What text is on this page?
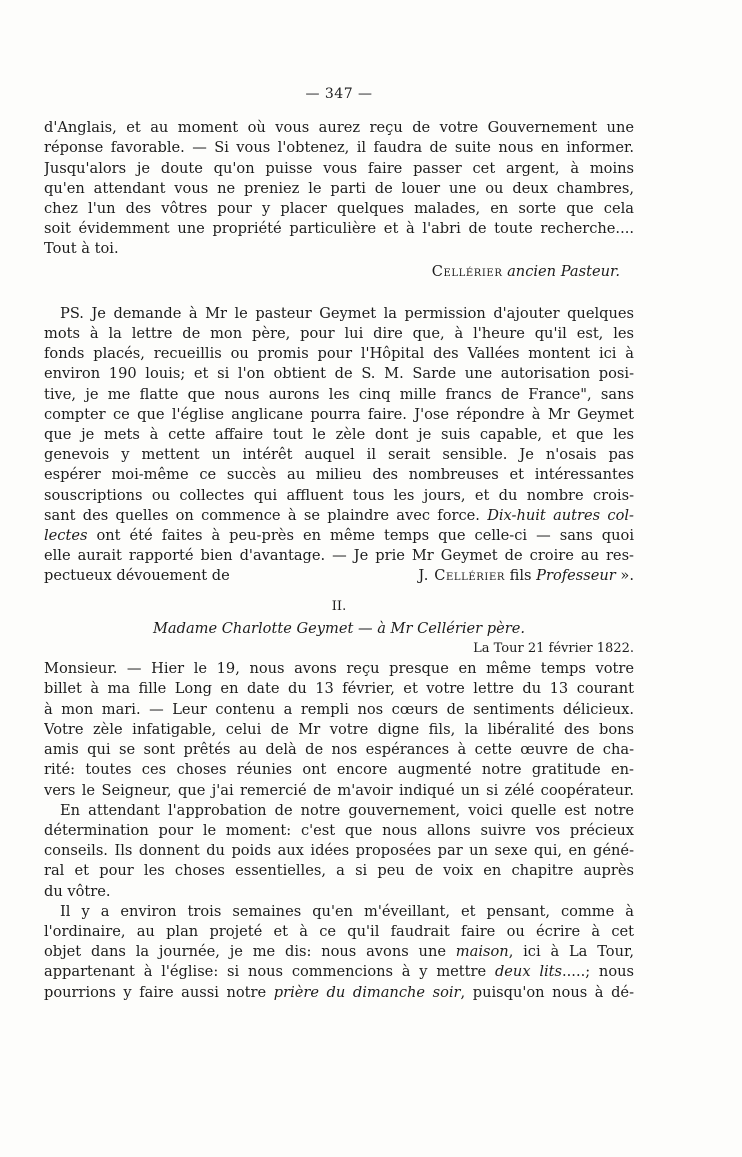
— 347 —

d'Anglais, et au moment où vous aurez reçu de votre Gouvernement une
réponse favorable. — Si vous l'obtenez, il faudra de suite nous en informer.
Jusqu'alors je doute qu'on puisse vous faire passer cet argent, à moins
qu'en attendant vous ne preniez le parti de louer une ou deux chambres,
chez l'un des vôtres pour y placer quelques malades, en sorte que cela
soit évidemment une propriété particulière et à l'abri de toute recherche....
Tout à toi.

Cellérier ancien Pasteur.

PS. Je demande à Mr le pasteur Geymet la permission d'ajouter quelques
mots à la lettre de mon père, pour lui dire que, à l'heure qu'il est, les
fonds placés, recueillis ou promis pour l'Hôpital des Vallées montent ici à
environ 190 louis; et si l'on obtient de S. M. Sarde une autorisation posi-
tive, je me flatte que nous aurons les cinq mille francs de France", sans
compter ce que l'église anglicane pourra faire. J'ose répondre à Mr Geymet
que je mets à cette affaire tout le zèle dont je suis capable, et que les
genevois y mettent un intérêt auquel il serait sensible. Je n'osais pas
espérer moi-même ce succès au milieu des nombreuses et intéressantes
souscriptions ou collectes qui affluent tous les jours, et du nombre crois-
sant des quelles on commence à se plaindre avec force. Dix-huit autres col-
lectes ont été faites à peu-près en même temps que celle-ci — sans quoi
elle aurait rapporté bien d'avantage. — Je prie Mr Geymet de croire au res-
pectueux dévouement de	J. Cellérier fils Professeur ».

II.

Madame Charlotte Geymet — à Mr Cellérier père.

La Tour 21 février 1822.

Monsieur. — Hier le 19, nous avons reçu presque en même temps votre
billet à ma fille Long en date du 13 février, et votre lettre du 13 courant
à mon mari. — Leur contenu a rempli nos cœurs de sentiments délicieux.
Votre zèle infatigable, celui de Mr votre digne fils, la libéralité des bons
amis qui se sont prêtés au delà de nos espérances à cette œuvre de cha-
rité: toutes ces choses réunies ont encore augmenté notre gratitude en-
vers le Seigneur, que j'ai remercié de m'avoir indiqué un si zélé coopérateur.
En attendant l'approbation de notre gouvernement, voici quelle est notre
détermination pour le moment: c'est que nous allons suivre vos précieux
conseils. Ils donnent du poids aux idées proposées par un sexe qui, en géné-
ral et pour les choses essentielles, a si peu de voix en chapitre auprès
du vôtre.
Il y a environ trois semaines qu'en m'éveillant, et pensant, comme à
l'ordinaire, au plan projeté et à ce qu'il faudrait faire ou écrire à cet
objet dans la journée, je me dis: nous avons une maison, ici à La Tour,
appartenant à l'église: si nous commencions à y mettre deux lits.....; nous
pourrions y faire aussi notre prière du dimanche soir, puisqu'on nous à dé-
